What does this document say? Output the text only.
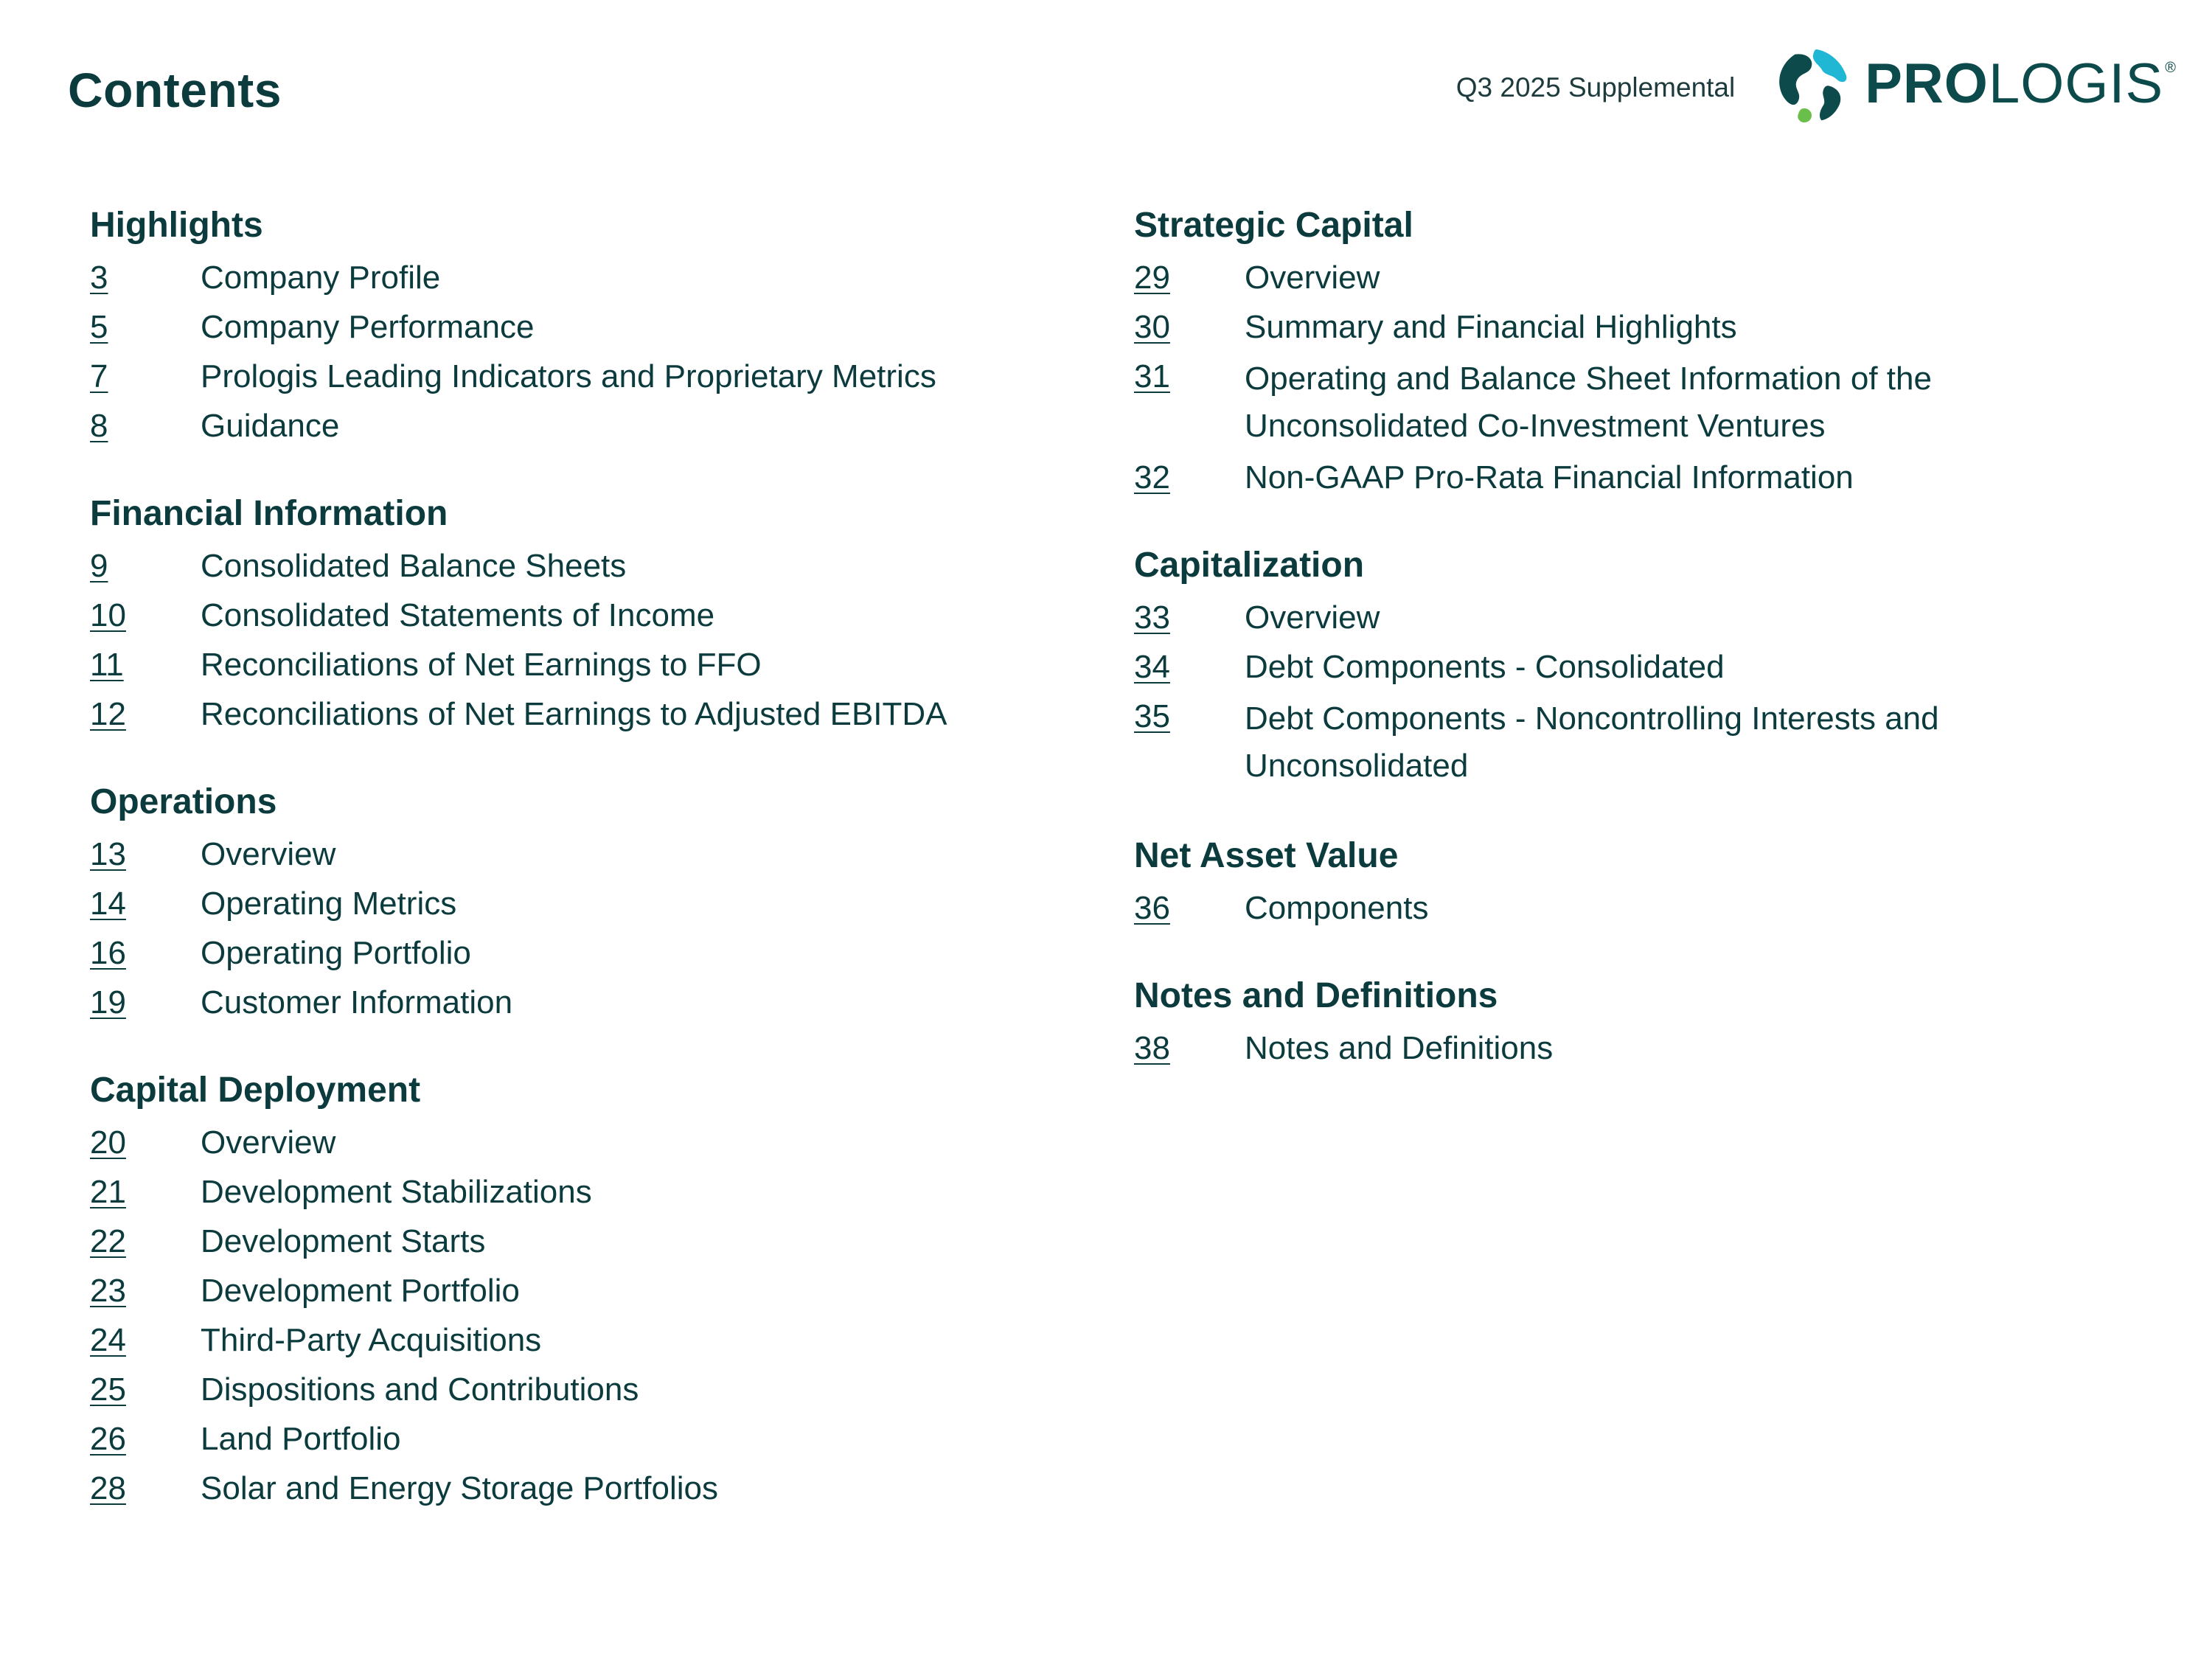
Contents	Q3 2025 Supplemental PROLOGIS ®
Highlights
3	Company Profile
5	Company Performance
7	Prologis Leading Indicators and Proprietary Metrics
8	Guidance
Financial Information
9	Consolidated Balance Sheets
10	Consolidated Statements of Income
11	Reconciliations of Net Earnings to FFO
12	Reconciliations of Net Earnings to Adjusted EBITDA
Operations
13	Overview
14	Operating Metrics
16	Operating Portfolio
19	Customer Information
Capital Deployment
20	Overview
21	Development Stabilizations
22	Development Starts
23	Development Portfolio
24	Third-Party Acquisitions
25	Dispositions and Contributions
26	Land Portfolio
28	Solar and Energy Storage Portfolios
Strategic Capital
29	Overview
30	Summary and Financial Highlights
31	Operating and Balance Sheet Information of the
Unconsolidated Co-Investment Ventures
32	Non-GAAP Pro-Rata Financial Information
Capitalization
33	Overview
34	Debt Components - Consolidated
35	Debt Components - Noncontrolling Interests and
Unconsolidated
Net Asset Value
36	Components
Notes and Definitions
38	Notes and Definitions
